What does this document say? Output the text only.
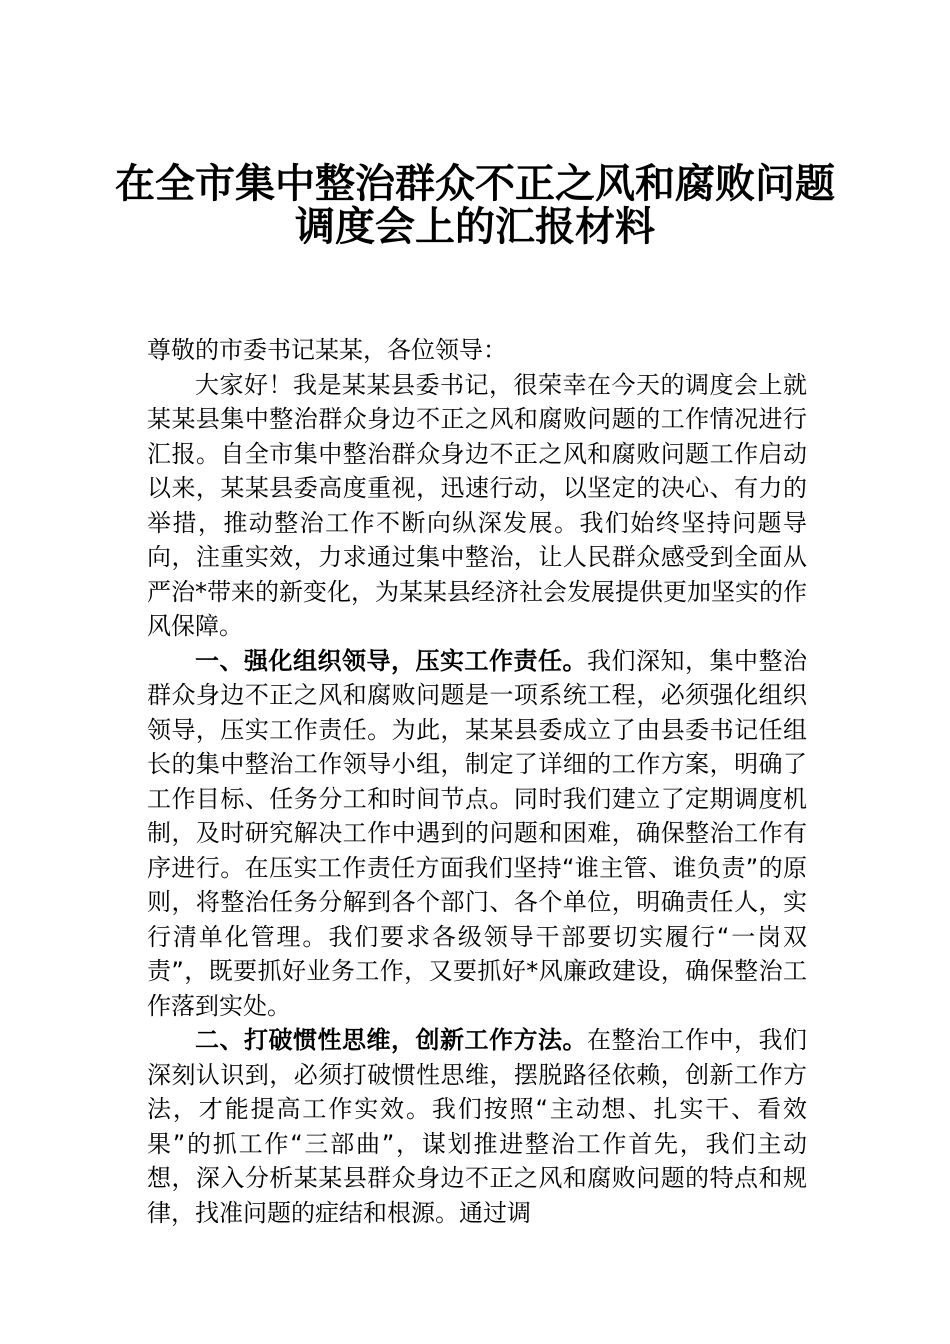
在全市集中整治群众不正之风和腐败问题
调度会上的汇报材料

尊敬的市委书记某某，各位领导：

大家好！我是某某县委书记，很荣幸在今天的调度会上就某某县集中整治群众身边不正之风和腐败问题的工作情况进行汇报。自全市集中整治群众身边不正之风和腐败问题工作启动以来，某某县委高度重视，迅速行动，以坚定的决心、有力的举措，推动整治工作不断向纵深发展。我们始终坚持问题导向，注重实效，力求通过集中整治，让人民群众感受到全面从严治*带来的新变化，为某某县经济社会发展提供更加坚实的作风保障。

一、强化组织领导，压实工作责任。我们深知，集中整治群众身边不正之风和腐败问题是一项系统工程，必须强化组织领导，压实工作责任。为此，某某县委成立了由县委书记任组长的集中整治工作领导小组，制定了详细的工作方案，明确了工作目标、任务分工和时间节点。同时我们建立了定期调度机制，及时研究解决工作中遇到的问题和困难，确保整治工作有序进行。在压实工作责任方面我们坚持“谁主管、谁负责”的原则，将整治任务分解到各个部门、各个单位，明确责任人，实行清单化管理。我们要求各级领导干部要切实履行“一岗双责”，既要抓好业务工作，又要抓好*风廉政建设，确保整治工作落到实处。

二、打破惯性思维，创新工作方法。在整治工作中，我们深刻认识到，必须打破惯性思维，摆脱路径依赖，创新工作方法，才能提高工作实效。我们按照“主动想、扎实干、看效果”的抓工作“三部曲”，谋划推进整治工作首先，我们主动想，深入分析某某县群众身边不正之风和腐败问题的特点和规律，找准问题的症结和根源。通过调
